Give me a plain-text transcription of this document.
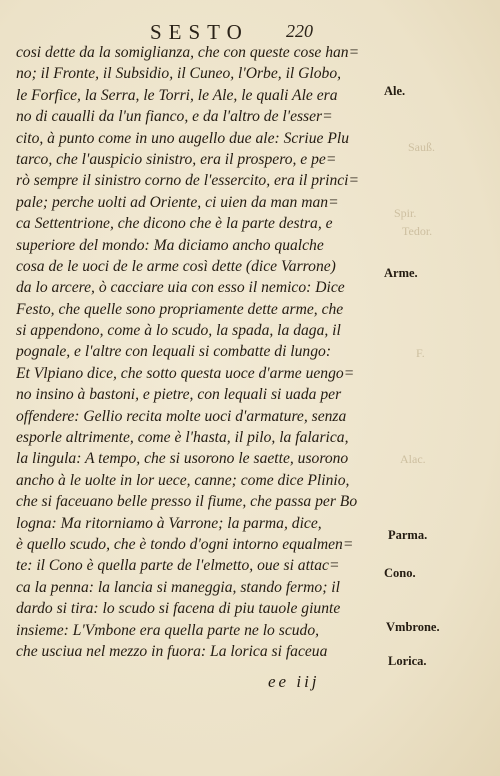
SESTO 220
Sauß.
Spir.
Tedor.
F.
Alac.
cosi dette da la somiglianza, che con queste cose han=
no; il Fronte, il Subsidio, il Cuneo, l'Orbe, il Globo,
le Forfice, la Serra, le Torri, le Ale, le quali Ale era
no di caualli da l'un fianco, e da l'altro de l'esser=
cito, à punto come in uno augello due ale: Scriue Plu
tarco, che l'auspicio sinistro, era il prospero, e pe=
rò sempre il sinistro corno de l'essercito, era il princi=
pale; perche uolti ad Oriente, ci uien da man man=
ca Settentrione, che dicono che è la parte destra, e
superiore del mondo: Ma diciamo ancho qualche
cosa de le uoci de le arme così dette (dice Varrone)
da lo arcere, ò cacciare uia con esso il nemico: Dice
Festo, che quelle sono propriamente dette arme, che
si appendono, come à lo scudo, la spada, la daga, il
pognale, e l'altre con lequali si combatte di lungo:
Et Vlpiano dice, che sotto questa uoce d'arme uengo=
no insino à bastoni, e pietre, con lequali si uada per
offendere: Gellio recita molte uoci d'armature, senza
esporle altrimente, come è l'hasta, il pilo, la falarica,
la lingula: A tempo, che si usorono le saette, usorono
ancho à le uolte in lor uece, canne; come dice Plinio,
che si faceuano belle presso il fiume, che passa per Bo
logna: Ma ritorniamo à Varrone; la parma, dice,
è quello scudo, che è tondo d'ogni intorno equalmen=
te: il Cono è quella parte de l'elmetto, oue si attac=
ca la penna: la lancia si maneggia, stando fermo; il
dardo si tira: lo scudo si facena di piu tauole giunte
insieme: L'Vmbone era quella parte ne lo scudo,
che usciua nel mezzo in fuora: La lorica si faceua
Ale.
Arme.
Parma.
Cono.
Vmbrone.
Lorica.
ee iij
